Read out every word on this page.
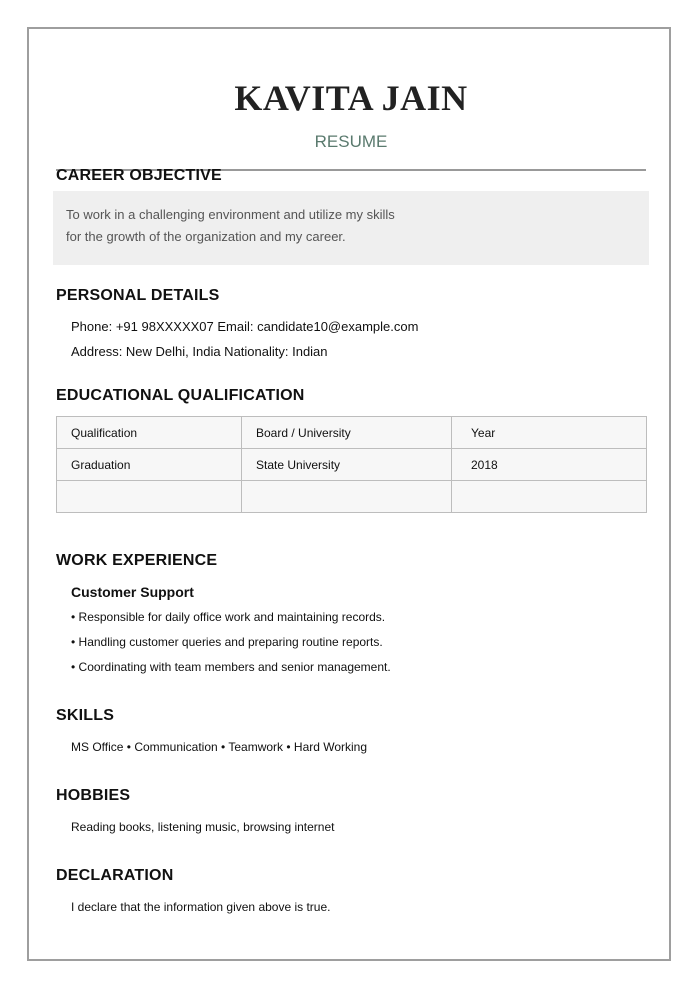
KAVITA JAIN
RESUME
CAREER OBJECTIVE
To work in a challenging environment and utilize my skills
for the growth of the organization and my career.
PERSONAL DETAILS
Phone: +91 98XXXXX07 Email: candidate10@example.com
Address: New Delhi, India Nationality: Indian
EDUCATIONAL QUALIFICATION
Qualification	Board / University	Year
Graduation	State University	2018

WORK EXPERIENCE
Customer Support
• Responsible for daily office work and maintaining records.
• Handling customer queries and preparing routine reports.
• Coordinating with team members and senior management.
SKILLS
MS Office • Communication • Teamwork • Hard Working
HOBBIES
Reading books, listening music, browsing internet
DECLARATION
I declare that the information given above is true.
